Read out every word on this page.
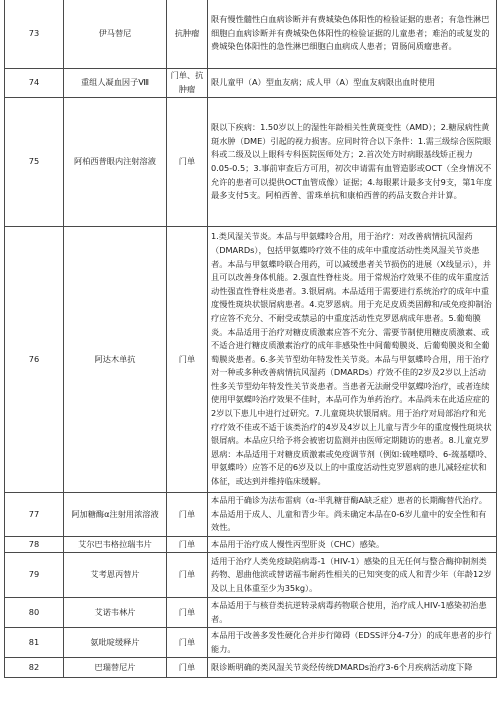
73	伊马替尼	抗肿瘤	限有慢性髓性白血病诊断并有费城染色体阳性的检验证据的患者；有急性淋巴细胞白血病诊断并有费城染色体阳性的检验证据的儿童患者；难治的或复发的费城染色体阳性的急性淋巴细胞白血病成人患者；胃肠间质瘤患者。
74	重组人凝血因子Ⅷ	门单、抗肿瘤	限儿童甲（A）型血友病；成人甲（A）型血友病限出血时使用
75	阿柏西普眼内注射溶液	门单	限以下疾病：1.50岁以上的湿性年龄相关性黄斑变性（AMD）；2.糖尿病性黄斑水肿（DME）引起的视力损害。应同时符合以下条件：1.需三级综合医院眼科或二级及以上眼科专科医院医师处方；2.首次处方时病眼基线矫正视力0.05-0.5；3.事前审查后方可用，初次申请需有血管造影或OCT（全身情况不允许的患者可以提供OCT血管成像）证据；4.每眼累计最多支付9支，第1年度最多支付5支。阿柏西普、雷珠单抗和康柏西普的药品支数合并计算。
76	阿达木单抗	门单	1.类风湿关节炎。本品与甲氨蝶呤合用，用于治疗：对改善病情抗风湿药（DMARDs），包括甲氨蝶呤疗效不佳的成年中重度活动性类风湿关节炎患者。本品与甲氨蝶呤联合用药，可以减缓患者关节损伤的进展（X线显示），并且可以改善身体机能。2.强直性脊柱炎。用于常规治疗效果不佳的成年重度活动性强直性脊柱炎患者。3.银屑病。本品适用于需要进行系统治疗的成年中重度慢性斑块状银屑病患者。4.克罗恩病。用于充足皮质类固醇和/或免疫抑制治疗应答不充分、不耐受或禁忌的中重度活动性克罗恩病成年患者。5.葡萄膜炎。本品适用于治疗对糖皮质激素应答不充分、需要节制使用糖皮质激素、或不适合进行糖皮质激素治疗的成年非感染性中间葡萄膜炎、后葡萄膜炎和全葡萄膜炎患者。6.多关节型幼年特发性关节炎。本品与甲氨蝶呤合用，用于治疗对一种或多种改善病情抗风湿药（DMARDs）疗效不佳的2岁及2岁以上活动性多关节型幼年特发性关节炎患者。当患者无法耐受甲氨蝶呤治疗，或者连续使用甲氨蝶呤治疗效果不佳时，本品可作为单药治疗。本品尚未在此适应症的2岁以下患儿中进行过研究。7.儿童斑块状银屑病。用于治疗对局部治疗和光疗疗效不佳或不适于该类治疗的4岁及4岁以上儿童与青少年的重度慢性斑块状银屑病。本品应只给予将会被密切监测并由医师定期随访的患者。8.儿童克罗恩病：本品适用于对糖皮质激素或免疫调节剂（例如:硫唑嘌呤、6-巯基嘌呤、甲氨蝶呤）应答不足的6岁及以上的中重度活动性克罗恩病的患儿减轻症状和体征，或达到并维持临床缓解。
77	阿加糖酶α注射用浓溶液	门单	本品用于确诊为法布雷病（α-半乳糖苷酶A缺乏症）患者的长期酶替代治疗。本品适用于成人、儿童和青少年。尚未确定本品在0-6岁儿童中的安全性和有效性。
78	艾尔巴韦格拉瑞韦片	门单	本品用于治疗成人慢性丙型肝炎（CHC）感染。
79	艾考恩丙替片	门单	适用于治疗人类免疫缺陷病毒-1（HIV-1）感染的且无任何与整合酶抑制剂类药物、恩曲他滨或替诺福韦耐药性相关的已知突变的成人和青少年（年龄12岁及以上且体重至少为35kg）。
80	艾诺韦林片	门单	本品适用于与核苷类抗逆转录病毒药物联合使用，治疗成人HIV-1感染初治患者。
81	氨吡啶缓释片	门单	本品用于改善多发性硬化合并步行障碍（EDSS评分4-7分）的成年患者的步行能力。
82	巴瑞替尼片	门单	限诊断明确的类风湿关节炎经传统DMARDs治疗3-6个月疾病活动度下降
